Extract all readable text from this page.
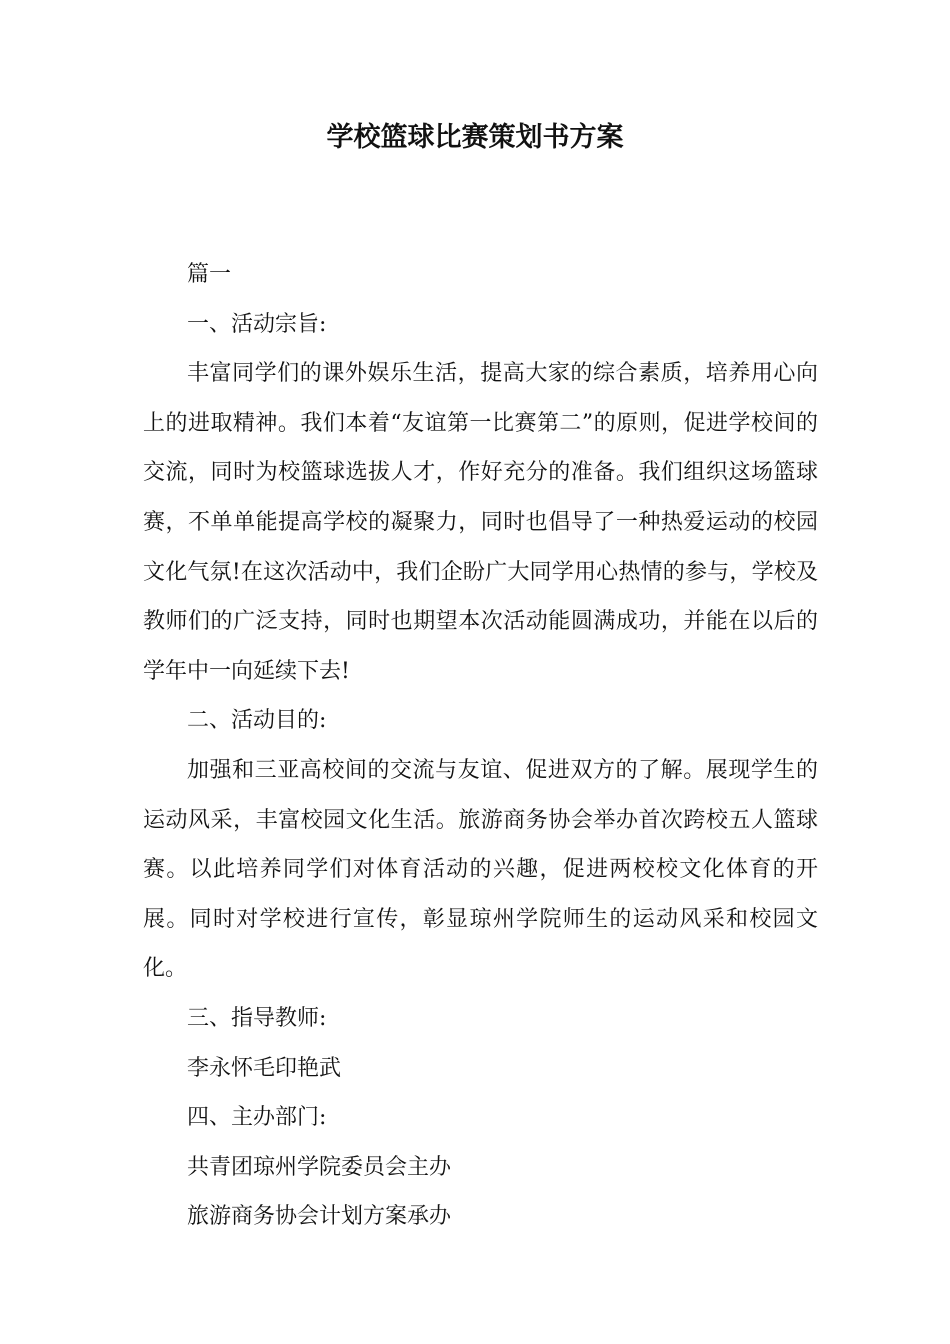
学校篮球比赛策划书方案

篇一

一、活动宗旨:

丰富同学们的课外娱乐生活，提高大家的综合素质，培养用心向上的进取精神。我们本着“友谊第一比赛第二”的原则，促进学校间的交流，同时为校篮球选拔人才，作好充分的准备。我们组织这场篮球赛，不单单能提高学校的凝聚力，同时也倡导了一种热爱运动的校园文化气氛!在这次活动中，我们企盼广大同学用心热情的参与，学校及教师们的广泛支持，同时也期望本次活动能圆满成功，并能在以后的学年中一向延续下去!

二、活动目的:

加强和三亚高校间的交流与友谊、促进双方的了解。展现学生的运动风采，丰富校园文化生活。旅游商务协会举办首次跨校五人篮球赛。以此培养同学们对体育活动的兴趣，促进两校校文化体育的开展。同时对学校进行宣传，彰显琼州学院师生的运动风采和校园文化。

三、指导教师:

李永怀毛印艳武

四、主办部门:

共青团琼州学院委员会主办

旅游商务协会计划方案承办
